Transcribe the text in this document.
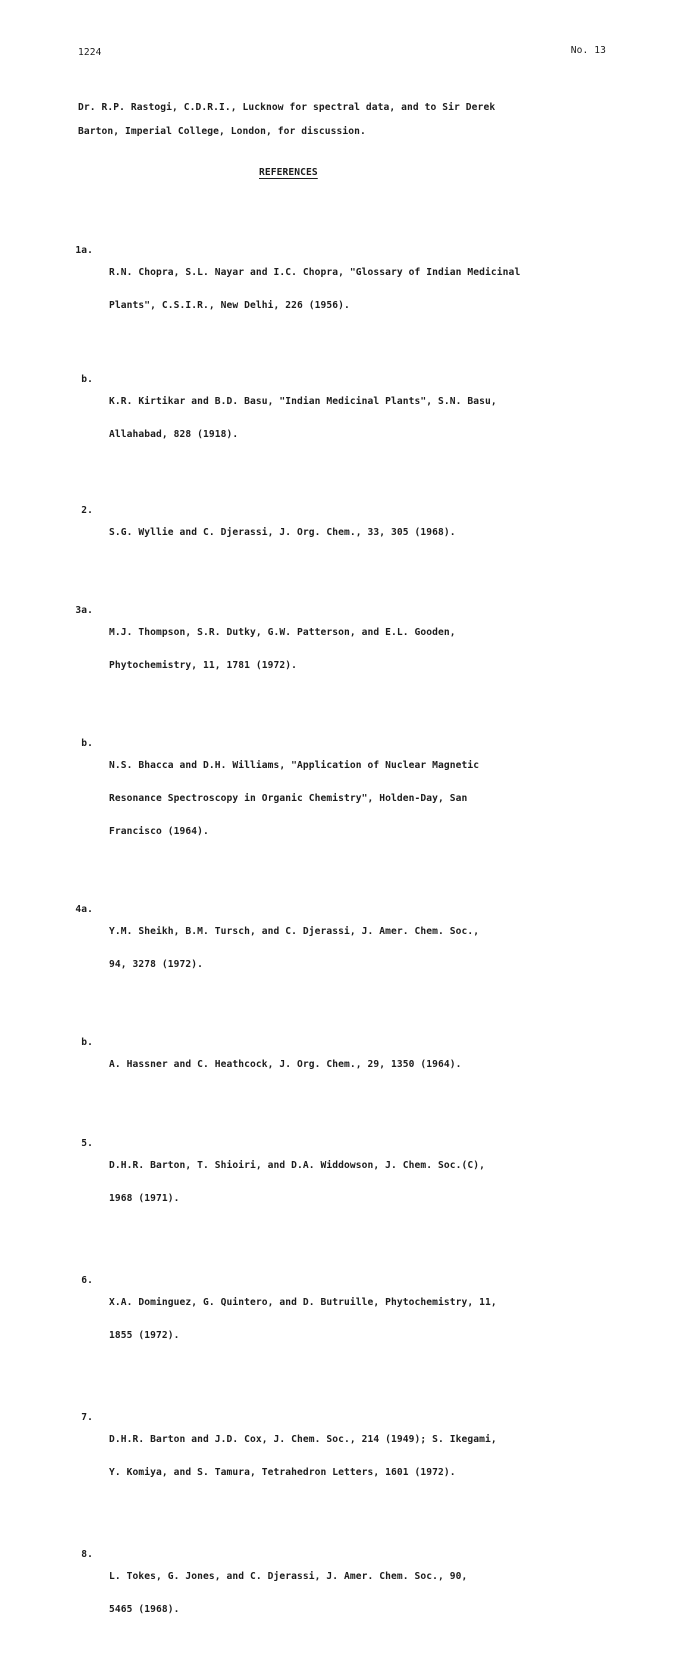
1224	No. 13
Dr. R.P. Rastogi, C.D.R.I., Lucknow for spectral data, and to Sir Derek
Barton, Imperial College, London, for discussion.
REFERENCES

1a.

R.N. Chopra, S.L. Nayar and I.C. Chopra, "Glossary of Indian Medicinal

Plants", C.S.I.R., New Delhi, 226 (1956).

b.

K.R. Kirtikar and B.D. Basu, "Indian Medicinal Plants", S.N. Basu,

Allahabad, 828 (1918).

2.

S.G. Wyllie and C. Djerassi, J. Org. Chem., 33, 305 (1968).

3a.

M.J. Thompson, S.R. Dutky, G.W. Patterson, and E.L. Gooden,

Phytochemistry, 11, 1781 (1972).

b.

N.S. Bhacca and D.H. Williams, "Application of Nuclear Magnetic

Resonance Spectroscopy in Organic Chemistry", Holden-Day, San

Francisco (1964).

4a.

Y.M. Sheikh, B.M. Tursch, and C. Djerassi, J. Amer. Chem. Soc.,

94, 3278 (1972).

b.

A. Hassner and C. Heathcock, J. Org. Chem., 29, 1350 (1964).

5.

D.H.R. Barton, T. Shioiri, and D.A. Widdowson, J. Chem. Soc.(C),

1968 (1971).

6.

X.A. Dominguez, G. Quintero, and D. Butruille, Phytochemistry, 11,

1855 (1972).

7.

D.H.R. Barton and J.D. Cox, J. Chem. Soc., 214 (1949); S. Ikegami,

Y. Komiya, and S. Tamura, Tetrahedron Letters, 1601 (1972).

8.

L. Tokes, G. Jones, and C. Djerassi, J. Amer. Chem. Soc., 90,

5465 (1968).
